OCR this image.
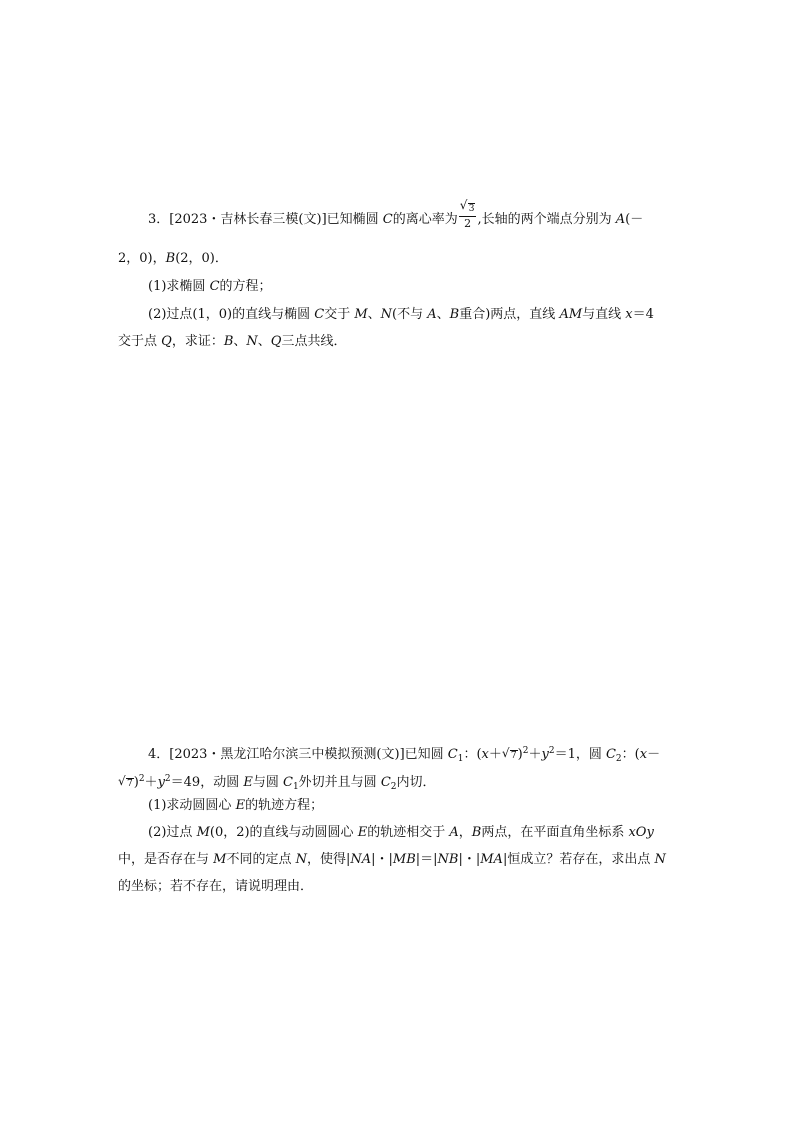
3．[2023・吉林长春三模(文)]已知椭圆 C的离心率为 $\frac{√ 3}{2}$ ,长轴的两个端点分别为 A(－
2，0)，B(2，0)．
(1)求椭圆 C的方程；
(2)过点(1，0)的直线与椭圆 C交于 M、N(不与 A、B重合)两点，直线 AM与直线 x＝4
交于点 Q，求证：B、N、Q三点共线．
4．[2023・黑龙江哈尔滨三中模拟预测(文)]已知圆 $C_1$：(x＋ √ $7)^2+y^2=1$，圆 $C_2$：(x－
√ $7)^2+y^2=49$，动圆 E与圆 $C_1$外切并且与圆 $C_2$内切．
(1)求动圆圆心 E的轨迹方程；
(2)过点 M(0，2)的直线与动圆圆心 E的轨迹相交于 A，B两点，在平面直角坐标系 xOy
中，是否存在与 M不同的定点 N，使得|NA|・|MB|＝|NB|・|MA|恒成立？若存在，求出点 N
的坐标；若不存在，请说明理由．
